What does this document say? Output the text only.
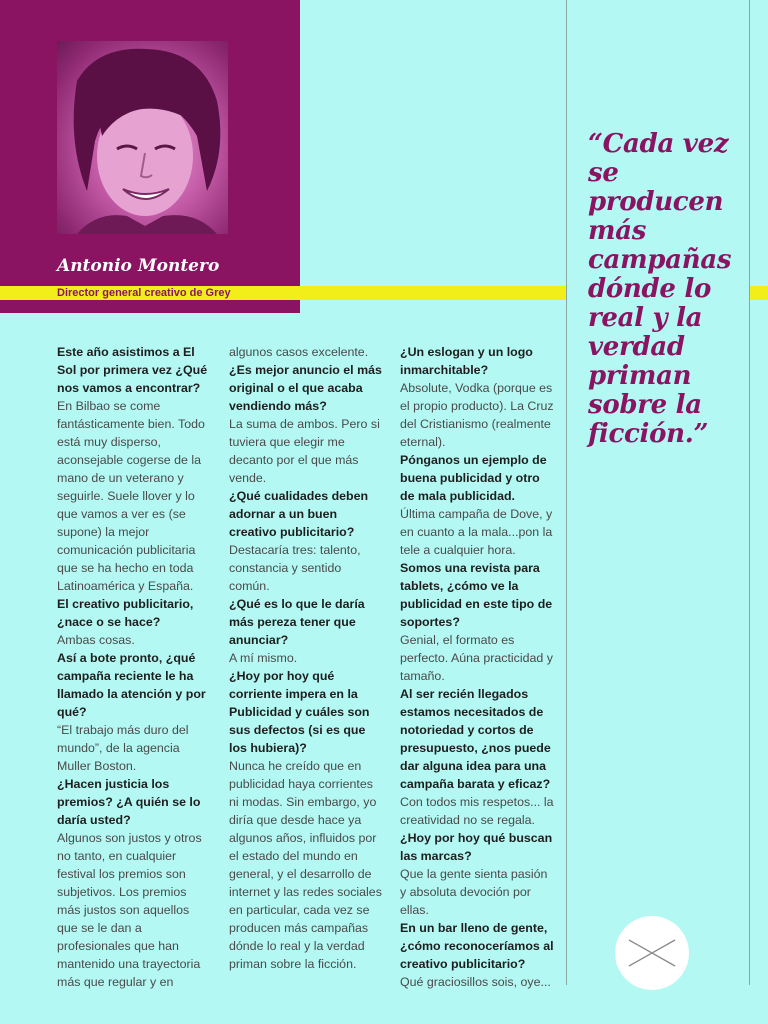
Antonio Montero
Director general creativo de Grey
“Cada vez se producen más campañas dónde lo real y la verdad priman sobre la ficción.”

Este año asistimos a El Sol por primera vez ¿Qué nos vamos a encontrar?

En Bilbao se come fantásticamente bien. Todo está muy disperso, aconsejable cogerse de la mano de un veterano y seguirle. Suele llover y lo que vamos a ver es (se supone) la mejor comunicación publicitaria que se ha hecho en toda Latinoamérica y España.

El creativo publicitario, ¿nace o se hace?

Ambas cosas.

Así a bote pronto, ¿qué campaña reciente le ha llamado la atención y por qué?

“El trabajo más duro del mundo”, de la agencia Muller Boston.

¿Hacen justicia los premios? ¿A quién se lo daría usted?

Algunos son justos y otros no tanto, en cualquier festival los premios son subjetivos. Los premios más justos son aquellos que se le dan a profesionales que han mantenido una trayectoria más que regular y en

algunos casos excelente.

¿Es mejor anuncio el más original o el que acaba vendiendo más?

La suma de ambos. Pero si tuviera que elegir me decanto por el que más vende.

¿Qué cualidades deben adornar a un buen creativo publicitario?

Destacaría tres: talento, constancia y sentido común.

¿Qué es lo que le daría más pereza tener que anunciar?

A mí mismo.

¿Hoy por hoy qué corriente impera en la Publicidad y cuáles son sus defectos (si es que los hubiera)?

Nunca he creído que en publicidad haya corrientes ni modas. Sin embargo, yo diría que desde hace ya algunos años, influidos por el estado del mundo en general, y el desarrollo de internet y las redes sociales en particular, cada vez se producen más campañas dónde lo real y la verdad priman sobre la ficción.

¿Un eslogan y un logo inmarchitable?

Absolute, Vodka (porque es el propio producto). La Cruz del Cristianismo (realmente eternal).

Pónganos un ejemplo de buena publicidad y otro de mala publicidad.

Última campaña de Dove, y en cuanto a la mala...pon la tele a cualquier hora.

Somos una revista para tablets, ¿cómo ve la publicidad en este tipo de soportes?

Genial, el formato es perfecto. Aúna practicidad y tamaño.

Al ser recién llegados estamos necesitados de notoriedad y cortos de presupuesto, ¿nos puede dar alguna idea para una campaña barata y eficaz?

Con todos mis respetos... la creatividad no se regala.

¿Hoy por hoy qué buscan las marcas?

Que la gente sienta pasión y absoluta devoción por ellas.

En un bar lleno de gente, ¿cómo reconoceríamos al creativo publicitario?

Qué graciosillos sois, oye...
